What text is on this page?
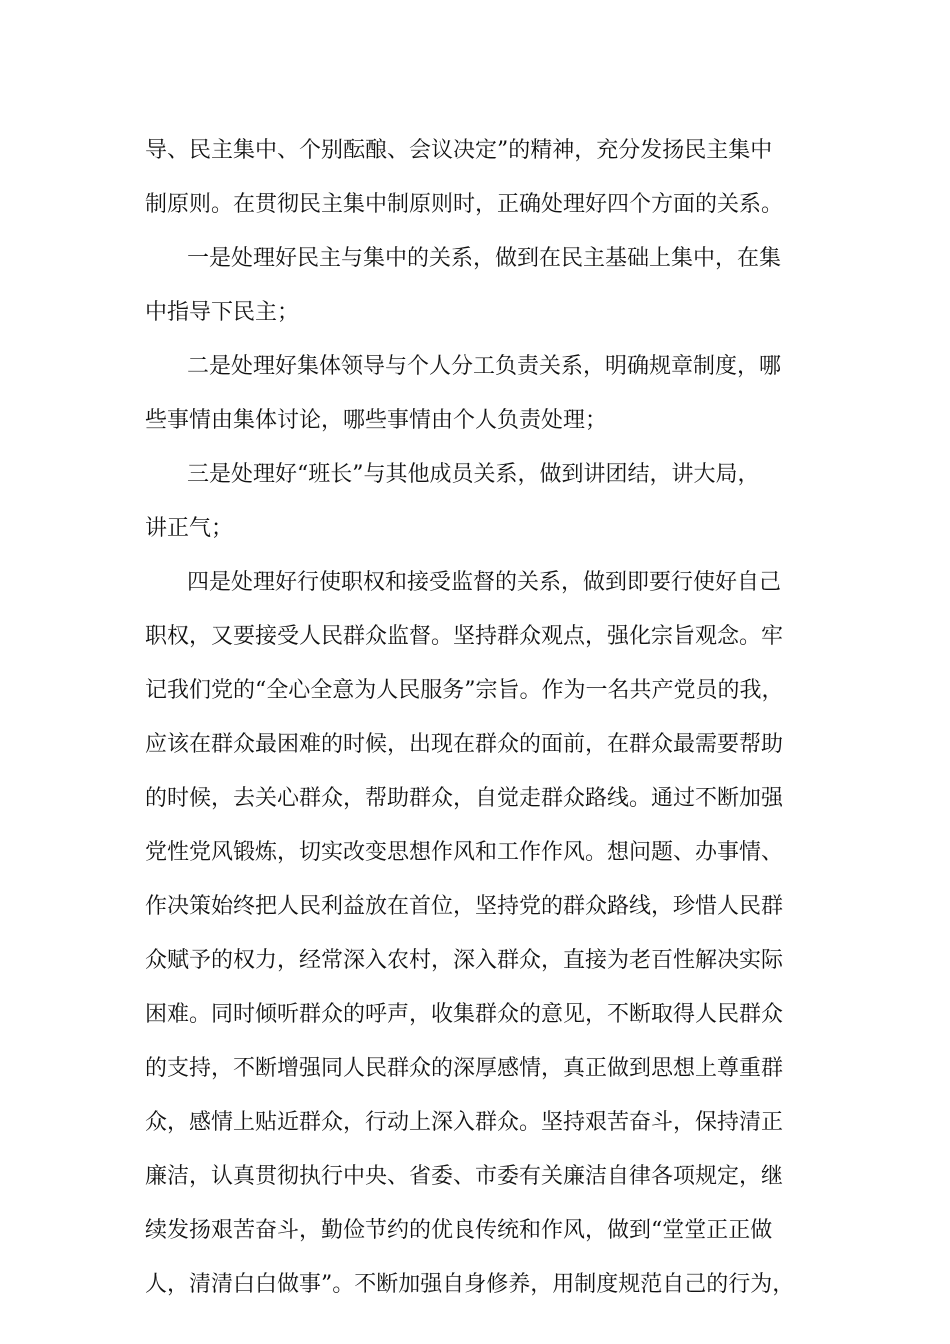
导、民主集中、个别酝酿、会议决定”的精神，充分发扬民主集中
制原则。在贯彻民主集中制原则时，正确处理好四个方面的关系。
一是处理好民主与集中的关系，做到在民主基础上集中，在集
中指导下民主；
二是处理好集体领导与个人分工负责关系，明确规章制度，哪
些事情由集体讨论，哪些事情由个人负责处理；
三是处理好“班长”与其他成员关系，做到讲团结，讲大局，
讲正气；
四是处理好行使职权和接受监督的关系，做到即要行使好自己
职权，又要接受人民群众监督。坚持群众观点，强化宗旨观念。牢
记我们党的“全心全意为人民服务”宗旨。作为一名共产党员的我，
应该在群众最困难的时候，出现在群众的面前，在群众最需要帮助
的时候，去关心群众，帮助群众，自觉走群众路线。通过不断加强
党性党风锻炼，切实改变思想作风和工作作风。想问题、办事情、
作决策始终把人民利益放在首位，坚持党的群众路线，珍惜人民群
众赋予的权力，经常深入农村，深入群众，直接为老百性解决实际
困难。同时倾听群众的呼声，收集群众的意见，不断取得人民群众
的支持，不断增强同人民群众的深厚感情，真正做到思想上尊重群
众，感情上贴近群众，行动上深入群众。坚持艰苦奋斗，保持清正
廉洁，认真贯彻执行中央、省委、市委有关廉洁自律各项规定，继
续发扬艰苦奋斗，勤俭节约的优良传统和作风，做到“堂堂正正做
人，清清白白做事”。不断加强自身修养，用制度规范自己的行为，
